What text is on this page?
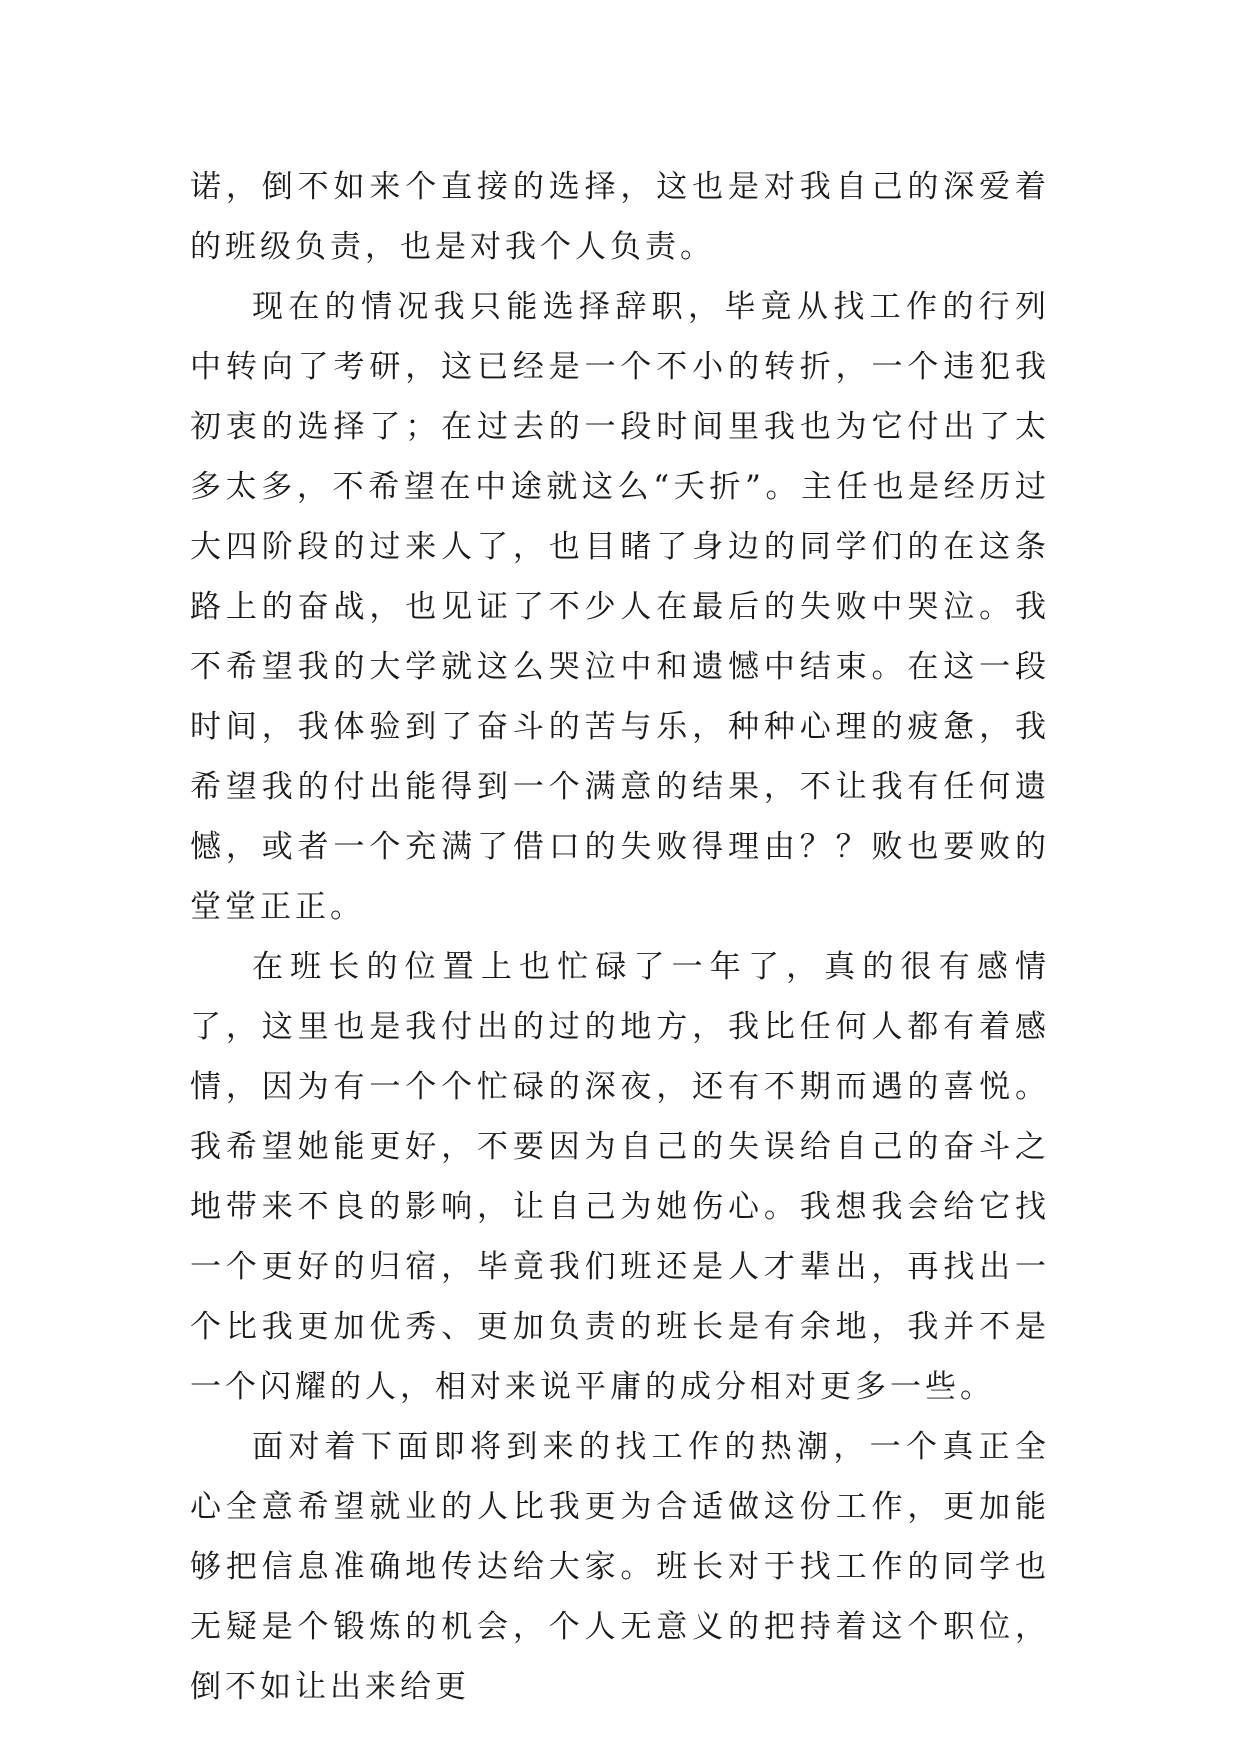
诺，倒不如来个直接的选择，这也是对我自己的深爱着的班级负责，也是对我个人负责。

现在的情况我只能选择辞职，毕竟从找工作的行列中转向了考研，这已经是一个不小的转折，一个违犯我初衷的选择了；在过去的一段时间里我也为它付出了太多太多，不希望在中途就这么“夭折”。主任也是经历过大四阶段的过来人了，也目睹了身边的同学们的在这条路上的奋战，也见证了不少人在最后的失败中哭泣。我不希望我的大学就这么哭泣中和遗憾中结束。在这一段时间，我体验到了奋斗的苦与乐，种种心理的疲惫，我希望我的付出能得到一个满意的结果，不让我有任何遗憾，或者一个充满了借口的失败得理由？？败也要败的堂堂正正。

在班长的位置上也忙碌了一年了，真的很有感情了，这里也是我付出的过的地方，我比任何人都有着感情，因为有一个个忙碌的深夜，还有不期而遇的喜悦。我希望她能更好，不要因为自己的失误给自己的奋斗之地带来不良的影响，让自己为她伤心。我想我会给它找一个更好的归宿，毕竟我们班还是人才辈出，再找出一个比我更加优秀、更加负责的班长是有余地，我并不是一个闪耀的人，相对来说平庸的成分相对更多一些。

面对着下面即将到来的找工作的热潮，一个真正全心全意希望就业的人比我更为合适做这份工作，更加能够把信息准确地传达给大家。班长对于找工作的同学也无疑是个锻炼的机会，个人无意义的把持着这个职位，倒不如让出来给更
